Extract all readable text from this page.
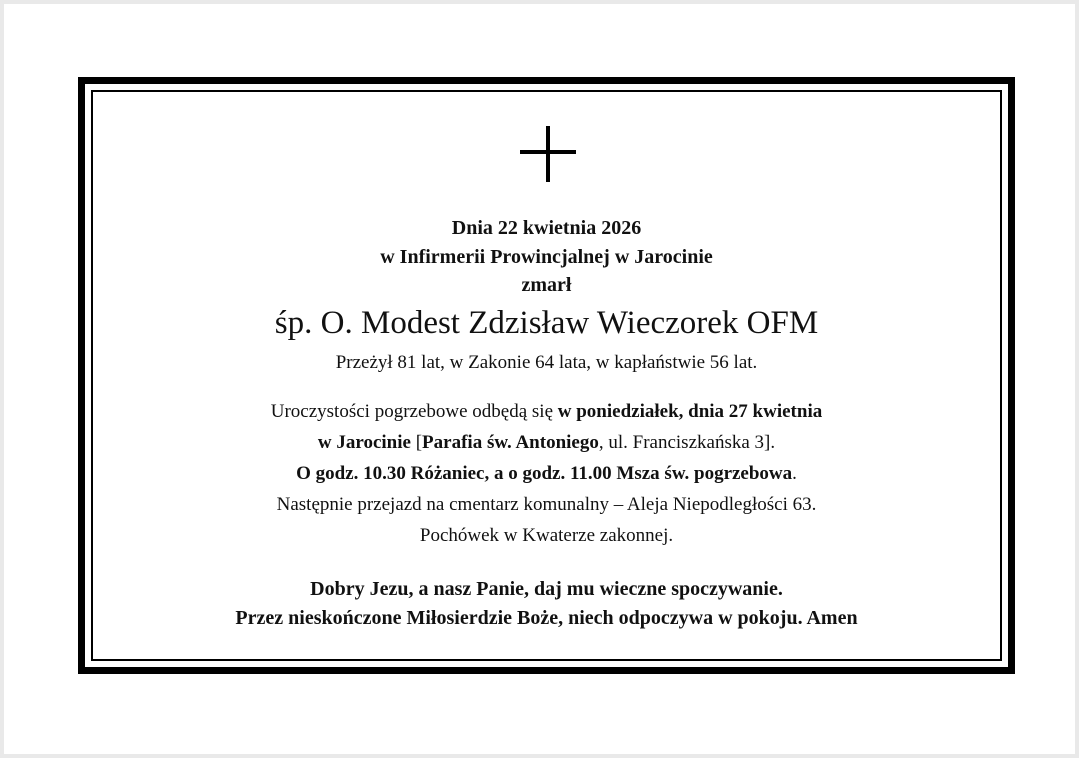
Dnia 22 kwietnia 2026
w Infirmerii Prowincjalnej w Jarocinie
zmarł
śp. O. Modest Zdzisław Wieczorek OFM
Przeżył 81 lat, w Zakonie 64 lata, w kapłaństwie 56 lat.
Uroczystości pogrzebowe odbędą się w poniedziałek, dnia 27 kwietnia
w Jarocinie [Parafia św. Antoniego, ul. Franciszkańska 3].
O godz. 10.30 Różaniec, a o godz. 11.00 Msza św. pogrzebowa.
Następnie przejazd na cmentarz komunalny – Aleja Niepodległości 63.
Pochówek w Kwaterze zakonnej.
Dobry Jezu, a nasz Panie, daj mu wieczne spoczywanie.
Przez nieskończone Miłosierdzie Boże, niech odpoczywa w pokoju. Amen
